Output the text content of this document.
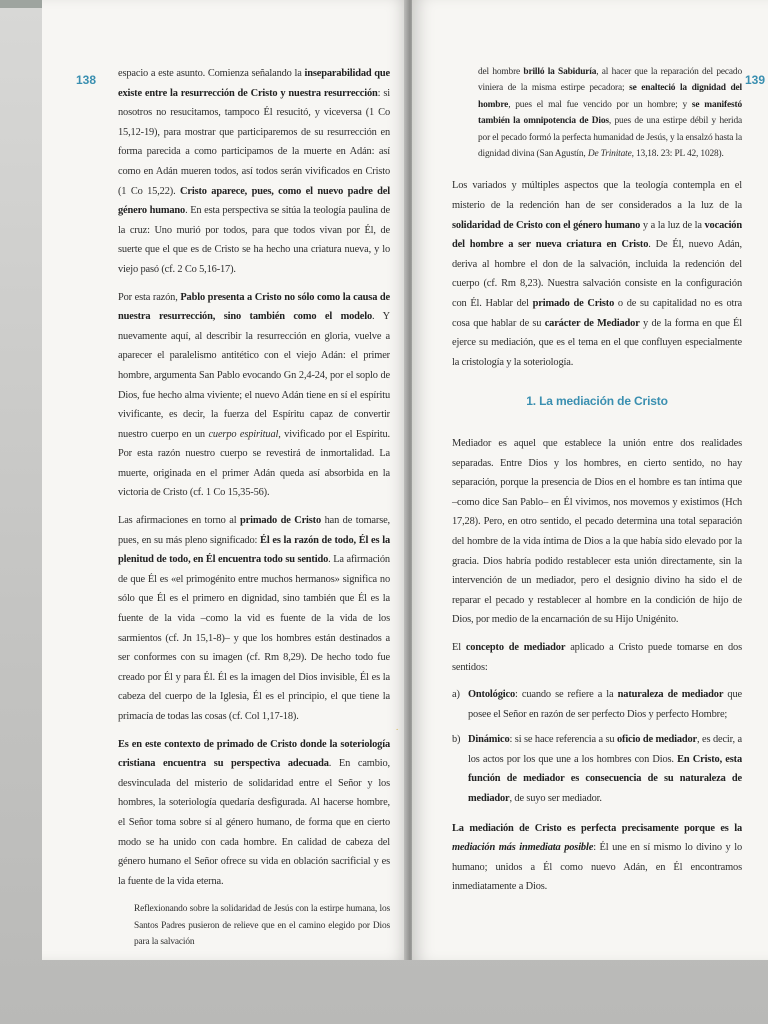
138 espacio a este asunto. Comienza señalando la inseparabilidad que existe entre la resurrección de Cristo y nuestra resurrección: si nosotros no resucitamos, tampoco Él resucitó, y viceversa (1 Co 15,12-19), para mostrar que participaremos de su resurrección en forma parecida a como participamos de la muerte en Adán: así como en Adán mueren todos, así todos serán vivificados en Cristo (1 Co 15,22). Cristo aparece, pues, como el nuevo padre del género humano. En esta perspectiva se sitúa la teología paulina de la cruz: Uno murió por todos, para que todos vivan por Él, de suerte que el que es de Cristo se ha hecho una criatura nueva, y lo viejo pasó (cf. 2 Co 5,16-17).

Por esta razón, Pablo presenta a Cristo no sólo como la causa de nuestra resurrección, sino también como el modelo. Y nuevamente aquí, al describir la resurrección en gloria, vuelve a aparecer el paralelismo antitético con el viejo Adán: el primer hombre, argumenta San Pablo evocando Gn 2,4-24, por el soplo de Dios, fue hecho alma viviente; el nuevo Adán tiene en sí el espíritu vivificante, es decir, la fuerza del Espíritu capaz de convertir nuestro cuerpo en un cuerpo espiritual, vivificado por el Espíritu. Por esta razón nuestro cuerpo se revestirá de inmortalidad. La muerte, originada en el primer Adán queda así absorbida en la victoria de Cristo (cf. 1 Co 15,35-56).

Las afirmaciones en torno al primado de Cristo han de tomarse, pues, en su más pleno significado: Él es la razón de todo, Él es la plenitud de todo, en Él encuentra todo su sentido. La afirmación de que Él es «el primogénito entre muchos hermanos» significa no sólo que Él es el primero en dignidad, sino también que Él es la fuente de la vida –como la vid es fuente de la vida de los sarmientos (cf. Jn 15,1-8)– y que los hombres están destinados a ser conformes con su imagen (cf. Rm 8,29). De hecho todo fue creado por Él y para Él. Él es la imagen del Dios invisible, Él es la cabeza del cuerpo de la Iglesia, Él es el principio, el que tiene la primacía de todas las cosas (cf. Col 1,17-18).

Es en este contexto de primado de Cristo donde la soteriología cristiana encuentra su perspectiva adecuada. En cambio, desvinculada del misterio de solidaridad entre el Señor y los hombres, la soteriología quedaría desfigurada. Al hacerse hombre, el Señor toma sobre sí al género humano, de forma que en cierto modo se ha unido con cada hombre. En calidad de cabeza del género humano el Señor ofrece su vida en oblación sacrificial y es la fuente de la vida eterna.

Reflexionando sobre la solidaridad de Jesús con la estirpe humana, los Santos Padres pusieron de relieve que en el camino elegido por Dios para la salvación

139

del hombre brilló la Sabiduría, al hacer que la reparación del pecado viniera de la misma estirpe pecadora; se enalteció la dignidad del hombre, pues el mal fue vencido por un hombre; y se manifestó también la omnipotencia de Dios, pues de una estirpe débil y herida por el pecado formó la perfecta humanidad de Jesús, y la ensalzó hasta la dignidad divina (San Agustín, De Trinitate, 13,18. 23: PL 42, 1028).

Los variados y múltiples aspectos que la teología contempla en el misterio de la redención han de ser considerados a la luz de la solidaridad de Cristo con el género humano y a la luz de la vocación del hombre a ser nueva criatura en Cristo. De Él, nuevo Adán, deriva al hombre el don de la salvación, incluida la redención del cuerpo (cf. Rm 8,23). Nuestra salvación consiste en la configuración con Él. Hablar del primado de Cristo o de su capitalidad no es otra cosa que hablar de su carácter de Mediador y de la forma en que Él ejerce su mediación, que es el tema en el que confluyen especialmente la cristología y la soteriología.

1. La mediación de Cristo

Mediador es aquel que establece la unión entre dos realidades separadas. Entre Dios y los hombres, en cierto sentido, no hay separación, porque la presencia de Dios en el hombre es tan íntima que –como dice San Pablo– en Él vivimos, nos movemos y existimos (Hch 17,28). Pero, en otro sentido, el pecado determina una total separación del hombre de la vida íntima de Dios a la que había sido elevado por la gracia. Dios habría podido restablecer esta unión directamente, sin la intervención de un mediador, pero el designio divino ha sido el de reparar el pecado y restablecer al hombre en la condición de hijo de Dios, por medio de la encarnación de su Hijo Unigénito.

El concepto de mediador aplicado a Cristo puede tomarse en dos sentidos:

a) Ontológico: cuando se refiere a la naturaleza de mediador que posee el Señor en razón de ser perfecto Dios y perfecto Hombre;
b) Dinámico: si se hace referencia a su oficio de mediador, es decir, a los actos por los que une a los hombres con Dios. En Cristo, esta función de mediador es consecuencia de su naturaleza de mediador, de suyo ser mediador.

La mediación de Cristo es perfecta precisamente porque es la mediación más inmediata posible: Él une en sí mismo lo divino y lo humano; unidos a Él como nuevo Adán, en Él encontramos inmediatamente a Dios.

.
